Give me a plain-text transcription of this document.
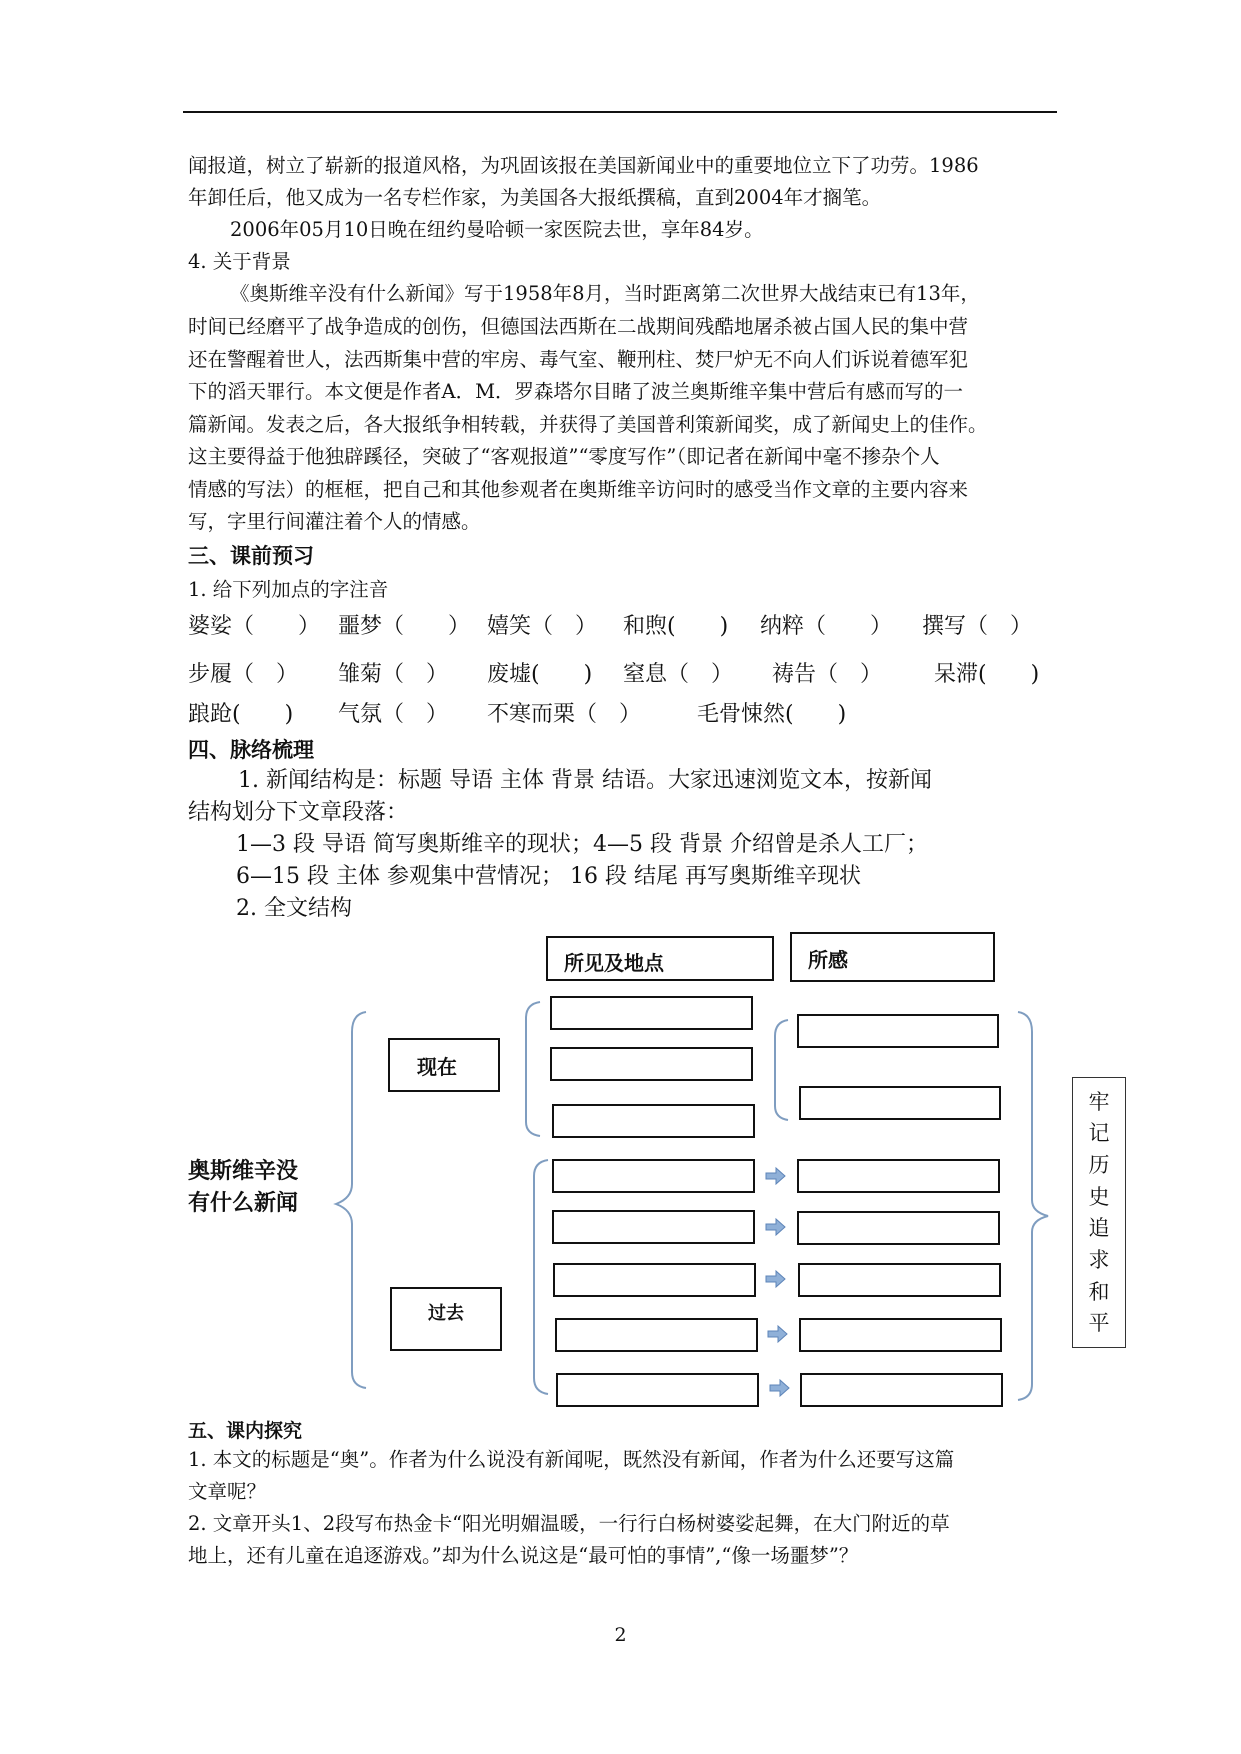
闻报道，树立了崭新的报道风格，为巩固该报在美国新闻业中的重要地位立下了功劳。1986
年卸任后，他又成为一名专栏作家，为美国各大报纸撰稿，直到2004年才搁笔。
2006年05月10日晚在纽约曼哈顿一家医院去世，享年84岁。
4. 关于背景
《奥斯维辛没有什么新闻》写于1958年8月，当时距离第二次世界大战结束已有13年，
时间已经磨平了战争造成的创伤，但德国法西斯在二战期间残酷地屠杀被占国人民的集中营
还在警醒着世人，法西斯集中营的牢房、毒气室、鞭刑柱、焚尸炉无不向人们诉说着德军犯
下的滔天罪行。本文便是作者A．M．罗森塔尔目睹了波兰奥斯维辛集中营后有感而写的一
篇新闻。发表之后，各大报纸争相转载，并获得了美国普利策新闻奖，成了新闻史上的佳作。
这主要得益于他独辟蹊径，突破了“客观报道”“零度写作”（即记者在新闻中毫不掺杂个人
情感的写法）的框框，把自己和其他参观者在奥斯维辛访问时的感受当作文章的主要内容来
写，字里行间灌注着个人的情感。
三、课前预习
1. 给下列加点的字注音
婆娑（　　） 噩梦（　　） 嬉笑（　） 和煦(　　) 纳粹（　　） 撰写（　）
步履（　） 雏菊（　） 废墟(　　) 窒息（　） 祷告（　） 呆滞(　　)
踉跄(　　) 气氛（　） 不寒而栗（　）	毛骨悚然(　　)
四、脉络梳理
1. 新闻结构是：标题 导语 主体 背景 结语。大家迅速浏览文本，按新闻
结构划分下文章段落：
1—3 段 导语 简写奥斯维辛的现状；4—5 段 背景 介绍曾是杀人工厂；
6—15 段 主体 参观集中营情况； 16 段 结尾 再写奥斯维辛现状
2. 全文结构
所见及地点	所感
奥斯维辛没
有什么新闻
现在
过去
牢
记
历
史
追
求
和
平
五、课内探究
1. 本文的标题是“奥”。作者为什么说没有新闻呢，既然没有新闻，作者为什么还要写这篇
文章呢？
2. 文章开头1、2段写布热金卡“阳光明媚温暖，一行行白杨树婆娑起舞，在大门附近的草
地上，还有儿童在追逐游戏。”却为什么说这是“最可怕的事情”,“像一场噩梦”？
2
